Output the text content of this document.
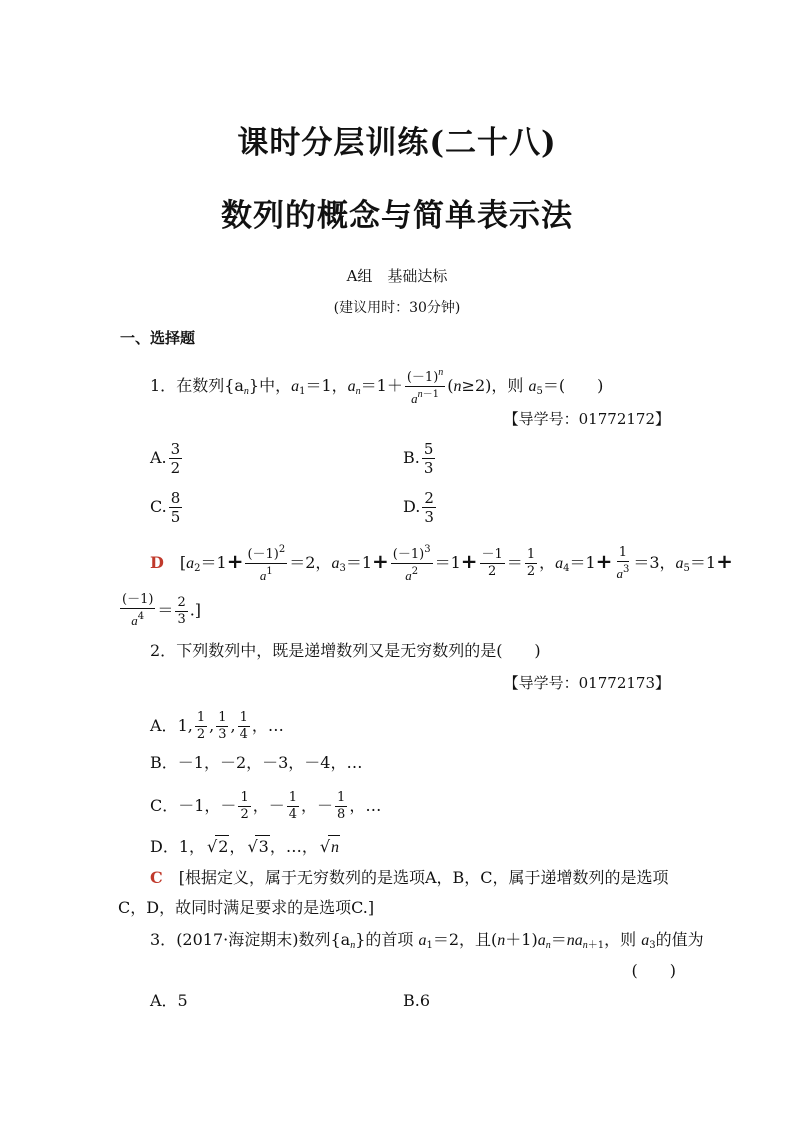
课时分层训练(二十八)
数列的概念与简单表示法
A组　基础达标
(建议用时：30分钟)
一、选择题
1．在数列$\{a_n\}$中，$a_1=1$，$a_n=1+ \frac{(-1)^n}{a^{n-1}} (n\ge 2)$，则 $a_5=$(　　)
【导学号：01772172】
A. $\frac{3}{2}$	B. $\frac{5}{3}$
C. $\frac{8}{5}$	D. $\frac{2}{3}$
D　[$a_2=1+ \frac{(-1)^2}{a^1} =2$，$a_3=1+ \frac{(-1)^3}{a^2} =1+ \frac{-1}{2} = \frac{1}{2}$ ，$a_4=1+ \frac{1}{a^3} =3$，$a_5=1+$
$\frac{(-1)}{a^4} = \frac{2}{3}$ .]
2．下列数列中，既是递增数列又是无穷数列的是(　　)
【导学号：01772173】
A．1, $\frac{1}{2}$ , $\frac{1}{3}$ , $\frac{1}{4}$ ，…
B．－1，－2，－3，－4，…
C．－1，－ $\frac{1}{2}$ ，－ $\frac{1}{4}$ ，－ $\frac{1}{8}$ ，…
D．1， √ 2， √ 3，…， √ n
C　 [根据定义，属于无穷数列的是选项A，B，C，属于递增数列的是选项
C，D，故同时满足要求的是选项C.]
3．(2017·海淀期末)数列$\{a_n\}$的首项 $a_1=2$，且$(n+1)a_n=na_{n+1}$，则 $a_3$的值为
(　　)
A．5	B.6
